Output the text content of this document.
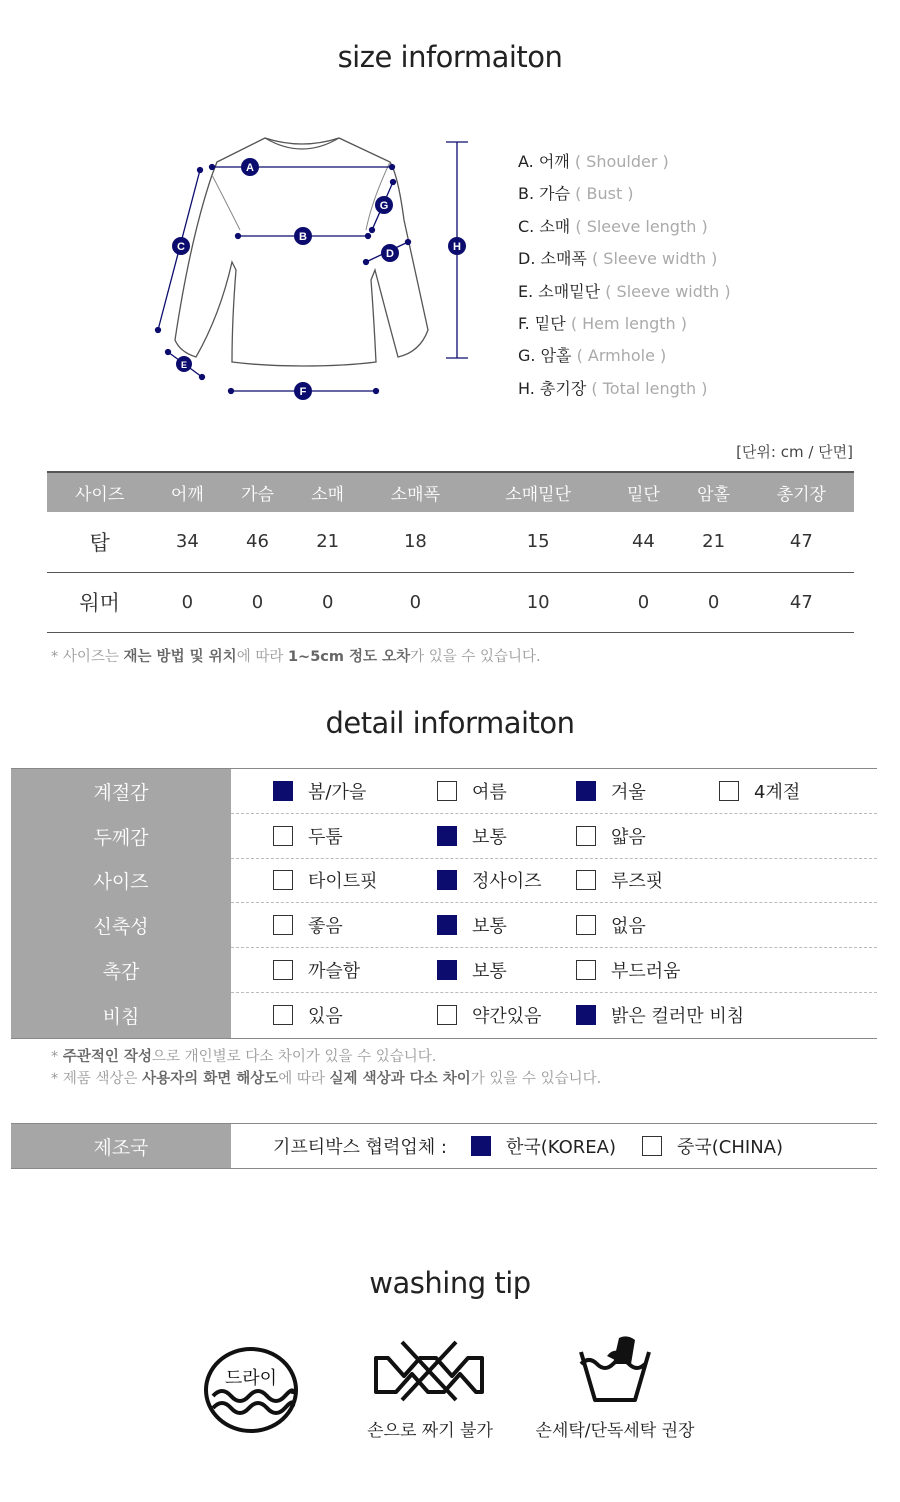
size informaiton
A
B
C
D
E
F
G
H
A. 어깨 ( Shoulder )
B. 가슴 ( Bust )
C. 소매 ( Sleeve length )
D. 소매폭 ( Sleeve width )
E. 소매밑단 ( Sleeve width )
F. 밑단 ( Hem length )
G. 암홀 ( Armhole )
H. 총기장 ( Total length )
[단위: cm / 단면]
사이즈	어깨	가슴	소매	소매폭	소매밑단	밑단	암홀	총기장
탑	34	46	21	18	15	44	21	47
워머	0	0	0	0	10	0	0	47
* 사이즈는 재는 방법 및 위치에 따라 1~5cm 정도 오차가 있을 수 있습니다.
detail informaiton
계절감	봄/가을	여름	겨울	4계절
두께감	두툼	보통	얇음
사이즈	타이트핏	정사이즈	루즈핏
신축성	좋음	보통	없음
촉감	까슬함	보통	부드러움
비침	있음	약간있음	밝은 컬러만 비침
* 주관적인 작성으로 개인별로 다소 차이가 있을 수 있습니다.
* 제품 색상은 사용자의 화면 해상도에 따라 실제 색상과 다소 차이가 있을 수 있습니다.
제조국	기프티박스 협력업체 :	한국(KOREA)	중국(CHINA)
washing tip
드라이
손으로 짜기 불가	손세탁/단독세탁 권장
